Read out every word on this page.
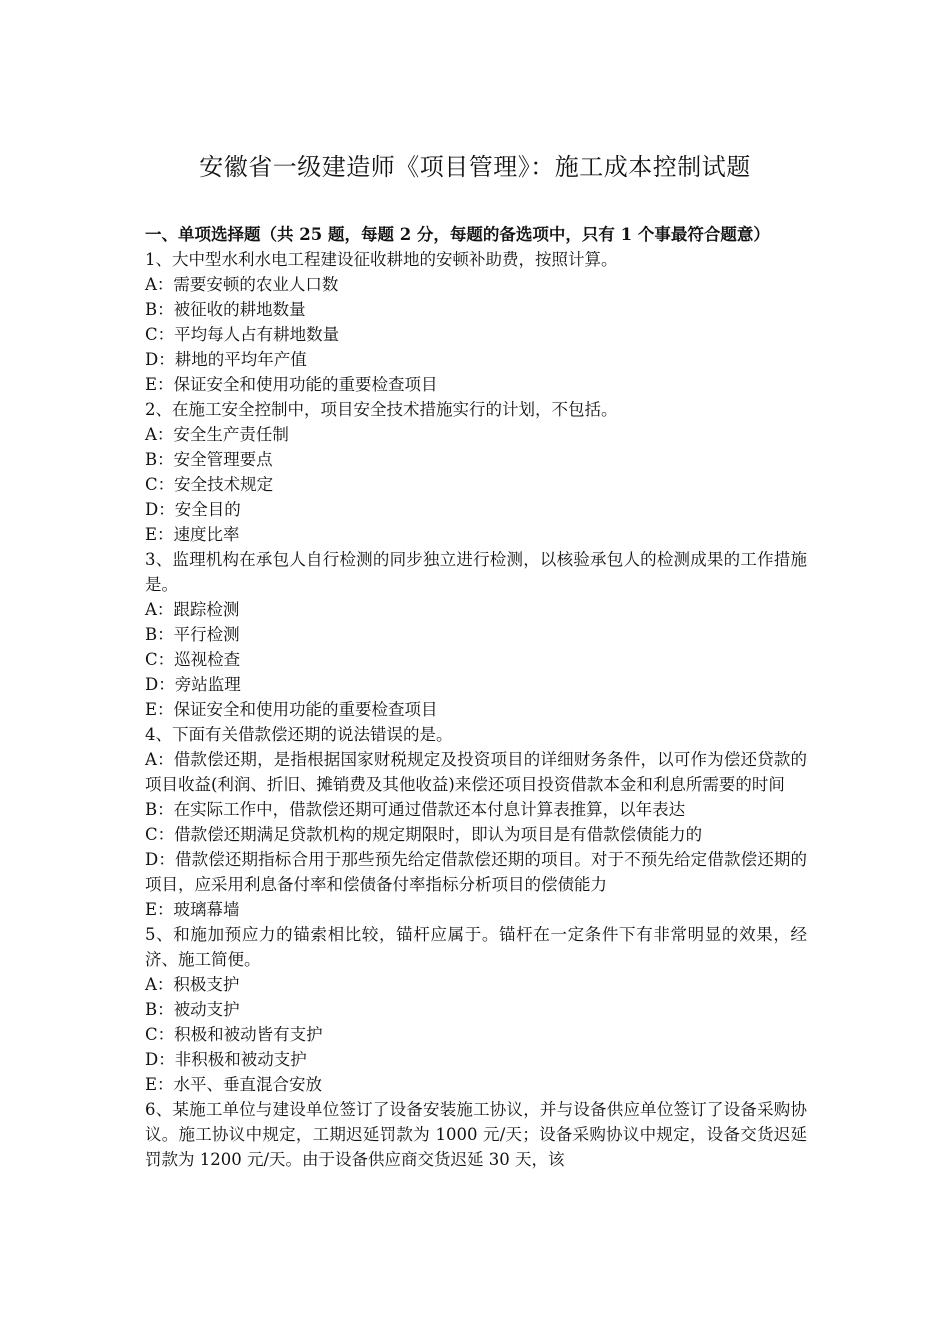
安徽省一级建造师《项目管理》：施工成本控制试题

一、单项选择题（共 25 题，每题 2 分，每题的备选项中，只有 1 个事最符合题意）

1、大中型水利水电工程建设征收耕地的安顿补助费，按照计算。

A：需要安顿的农业人口数

B：被征收的耕地数量

C：平均每人占有耕地数量

D：耕地的平均年产值

E：保证安全和使用功能的重要检查项目

2、在施工安全控制中，项目安全技术措施实行的计划，不包括。

A：安全生产责任制

B：安全管理要点

C：安全技术规定

D：安全目的

E：速度比率

3、监理机构在承包人自行检测的同步独立进行检测，以核验承包人的检测成果的工作措施是。

A：跟踪检测

B：平行检测

C：巡视检查

D：旁站监理

E：保证安全和使用功能的重要检查项目

4、下面有关借款偿还期的说法错误的是。

A：借款偿还期，是指根据国家财税规定及投资项目的详细财务条件，以可作为偿还贷款的项目收益(利润、折旧、摊销费及其他收益)来偿还项目投资借款本金和利息所需要的时间

B：在实际工作中，借款偿还期可通过借款还本付息计算表推算，以年表达

C：借款偿还期满足贷款机构的规定期限时，即认为项目是有借款偿债能力的

D：借款偿还期指标合用于那些预先给定借款偿还期的项目。对于不预先给定借款偿还期的项目，应采用利息备付率和偿债备付率指标分析项目的偿债能力

E：玻璃幕墙

5、和施加预应力的锚索相比较，锚杆应属于。锚杆在一定条件下有非常明显的效果，经济、施工简便。

A：积极支护

B：被动支护

C：积极和被动皆有支护

D：非积极和被动支护

E：水平、垂直混合安放

6、某施工单位与建设单位签订了设备安装施工协议，并与设备供应单位签订了设备采购协议。施工协议中规定，工期迟延罚款为 1000 元/天；设备采购协议中规定，设备交货迟延罚款为 1200 元/天。由于设备供应商交货迟延 30 天，该
